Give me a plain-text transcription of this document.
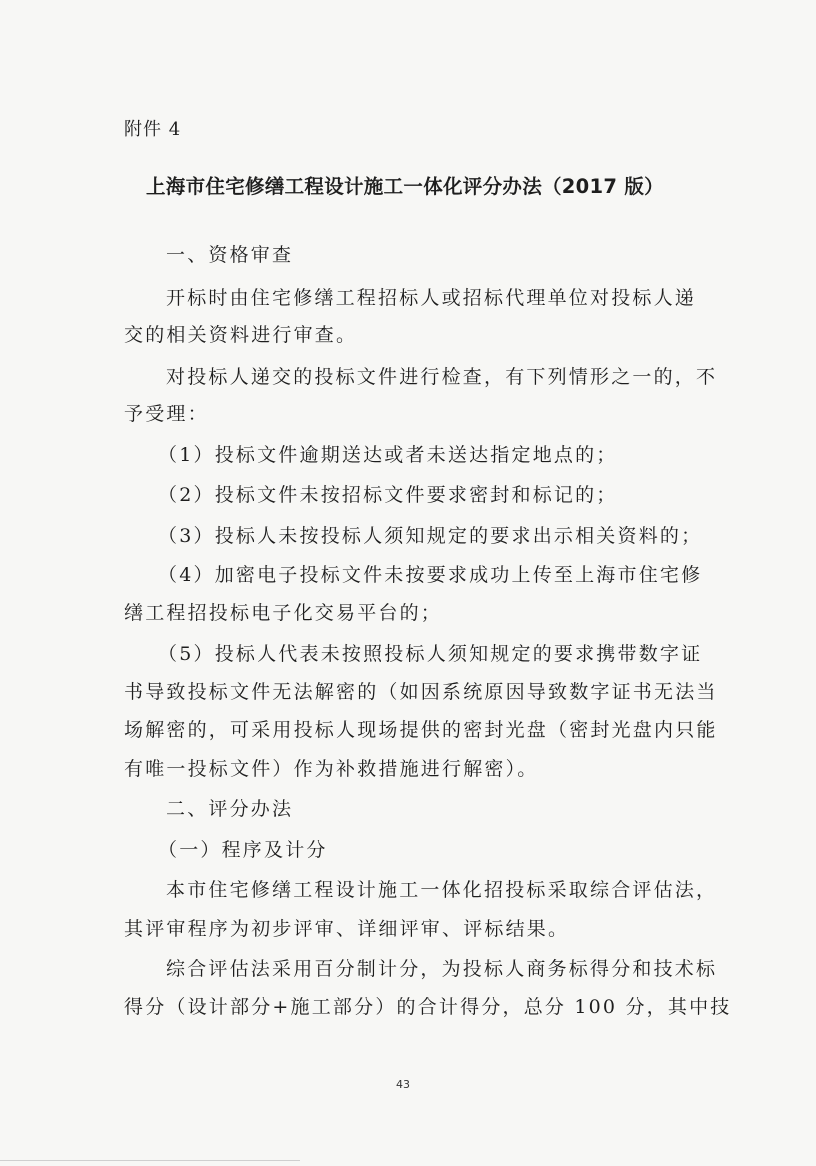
附件 4
上海市住宅修缮工程设计施工一体化评分办法（2017 版）
一、资格审查
开标时由住宅修缮工程招标人或招标代理单位对投标人递
交的相关资料进行审查。
对投标人递交的投标文件进行检查，有下列情形之一的，不
予受理：
（1）投标文件逾期送达或者未送达指定地点的；
（2）投标文件未按招标文件要求密封和标记的；
（3）投标人未按投标人须知规定的要求出示相关资料的；
（4）加密电子投标文件未按要求成功上传至上海市住宅修
缮工程招投标电子化交易平台的；
（5）投标人代表未按照投标人须知规定的要求携带数字证
书导致投标文件无法解密的（如因系统原因导致数字证书无法当
场解密的，可采用投标人现场提供的密封光盘（密封光盘内只能
有唯一投标文件）作为补救措施进行解密）。
二、评分办法
（一）程序及计分
本市住宅修缮工程设计施工一体化招投标采取综合评估法，
其评审程序为初步评审、详细评审、评标结果。
综合评估法采用百分制计分，为投标人商务标得分和技术标
得分（设计部分+施工部分）的合计得分，总分 100 分，其中技
43
